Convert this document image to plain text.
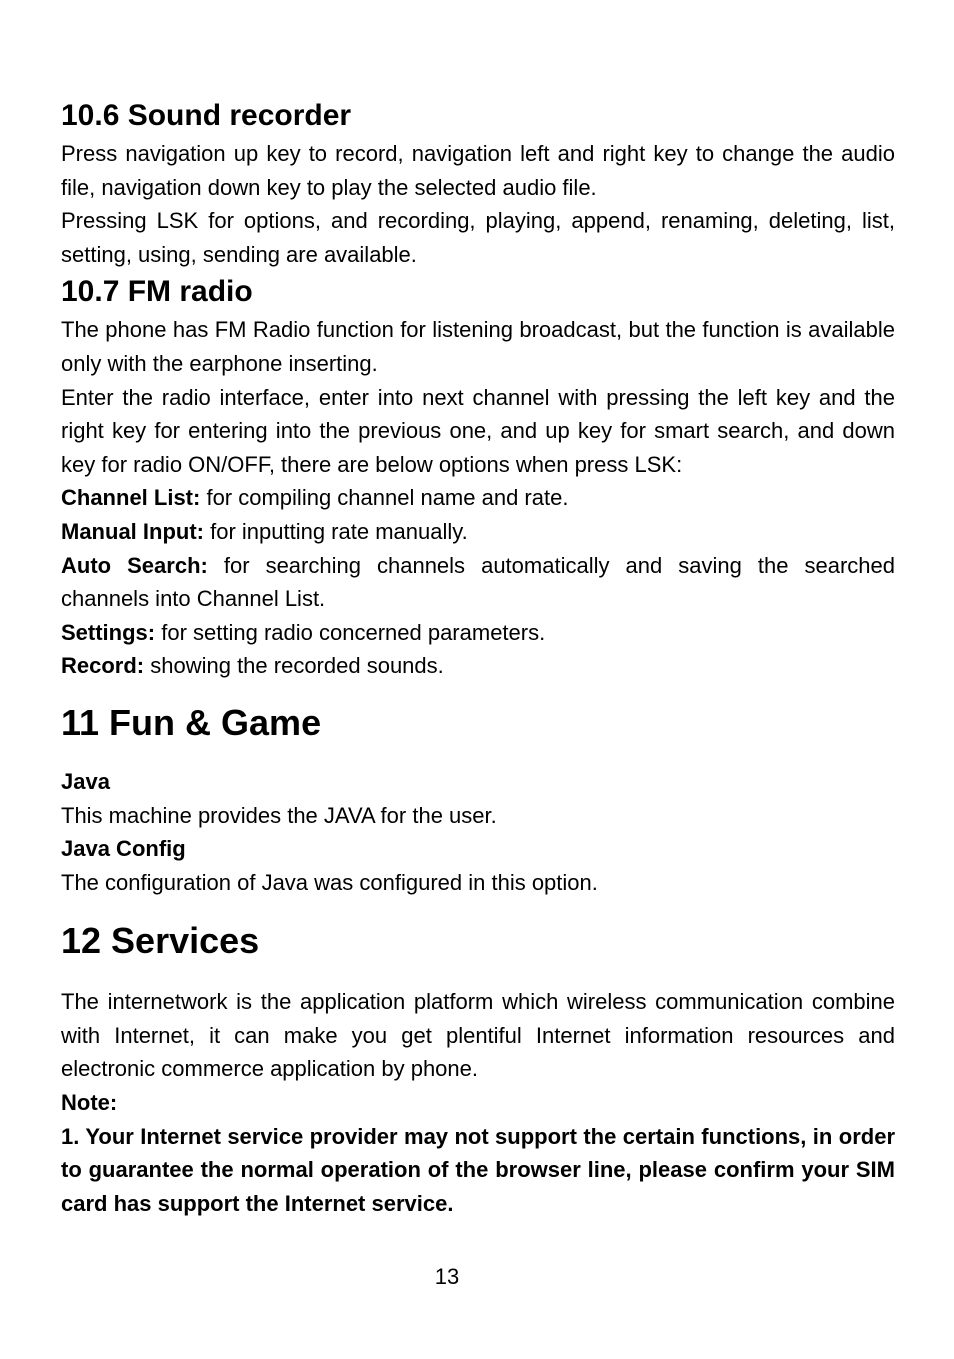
10.6 Sound recorder

Press navigation up key to record, navigation left and right key to change the audio file, navigation down key to play the selected audio file.

Pressing LSK for options, and recording, playing, append, renaming, deleting, list, setting, using, sending are available.

10.7 FM radio

The phone has FM Radio function for listening broadcast, but the function is available only with the earphone inserting.

Enter the radio interface, enter into next channel with pressing the left key and the right key for entering into the previous one, and up key for smart search, and down key for radio ON/OFF, there are below options when press LSK:

Channel List: for compiling channel name and rate.

Manual Input: for inputting rate manually.

Auto Search: for searching channels automatically and saving the searched channels into Channel List.

Settings: for setting radio concerned parameters.

Record: showing the recorded sounds.

11 Fun & Game
Java

This machine provides the JAVA for the user.

Java Config

The configuration of Java was configured in this option.

12 Services

The internetwork is the application platform which wireless communication combine with Internet, it can make you get plentiful Internet information resources and electronic commerce application by phone.

Note:

1. Your Internet service provider may not support the certain functions, in order to guarantee the normal operation of the browser line, please confirm your SIM card has support the Internet service.

13
